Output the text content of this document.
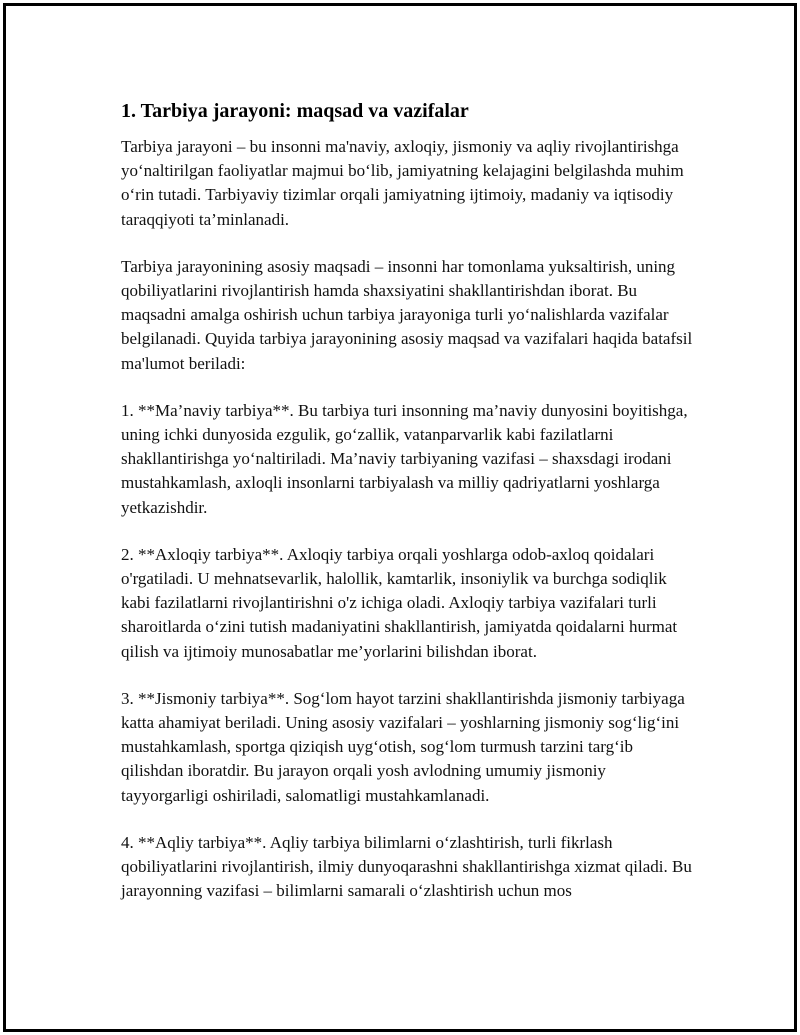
1. Tarbiya jarayoni: maqsad va vazifalar

Tarbiya jarayoni – bu insonni ma'naviy, axloqiy, jismoniy va aqliy rivojlantirishga yo‘naltirilgan faoliyatlar majmui bo‘lib, jamiyatning kelajagini belgilashda muhim o‘rin tutadi. Tarbiyaviy tizimlar orqali jamiyatning ijtimoiy, madaniy va iqtisodiy taraqqiyoti ta’minlanadi.

Tarbiya jarayonining asosiy maqsadi – insonni har tomonlama yuksaltirish, uning qobiliyatlarini rivojlantirish hamda shaxsiyatini shakllantirishdan iborat. Bu maqsadni amalga oshirish uchun tarbiya jarayoniga turli yo‘nalishlarda vazifalar belgilanadi. Quyida tarbiya jarayonining asosiy maqsad va vazifalari haqida batafsil ma'lumot beriladi:

1. **Ma’naviy tarbiya**. Bu tarbiya turi insonning ma’naviy dunyosini boyitishga, uning ichki dunyosida ezgulik, go‘zallik, vatanparvarlik kabi fazilatlarni shakllantirishga yo‘naltiriladi. Ma’naviy tarbiyaning vazifasi – shaxsdagi irodani mustahkamlash, axloqli insonlarni tarbiyalash va milliy qadriyatlarni yoshlarga yetkazishdir.

2. **Axloqiy tarbiya**. Axloqiy tarbiya orqali yoshlarga odob-axloq qoidalari o'rgatiladi. U mehnatsevarlik, halollik, kamtarlik, insoniylik va burchga sodiqlik kabi fazilatlarni rivojlantirishni o'z ichiga oladi. Axloqiy tarbiya vazifalari turli sharoitlarda o‘zini tutish madaniyatini shakllantirish, jamiyatda qoidalarni hurmat qilish va ijtimoiy munosabatlar me’yorlarini bilishdan iborat.

3. **Jismoniy tarbiya**. Sog‘lom hayot tarzini shakllantirishda jismoniy tarbiyaga katta ahamiyat beriladi. Uning asosiy vazifalari – yoshlarning jismoniy sog‘lig‘ini mustahkamlash, sportga qiziqish uyg‘otish, sog‘lom turmush tarzini targ‘ib qilishdan iboratdir. Bu jarayon orqali yosh avlodning umumiy jismoniy tayyorgarligi oshiriladi, salomatligi mustahkamlanadi.

4. **Aqliy tarbiya**. Aqliy tarbiya bilimlarni o‘zlashtirish, turli fikrlash qobiliyatlarini rivojlantirish, ilmiy dunyoqarashni shakllantirishga xizmat qiladi. Bu jarayonning vazifasi – bilimlarni samarali o‘zlashtirish uchun mos
